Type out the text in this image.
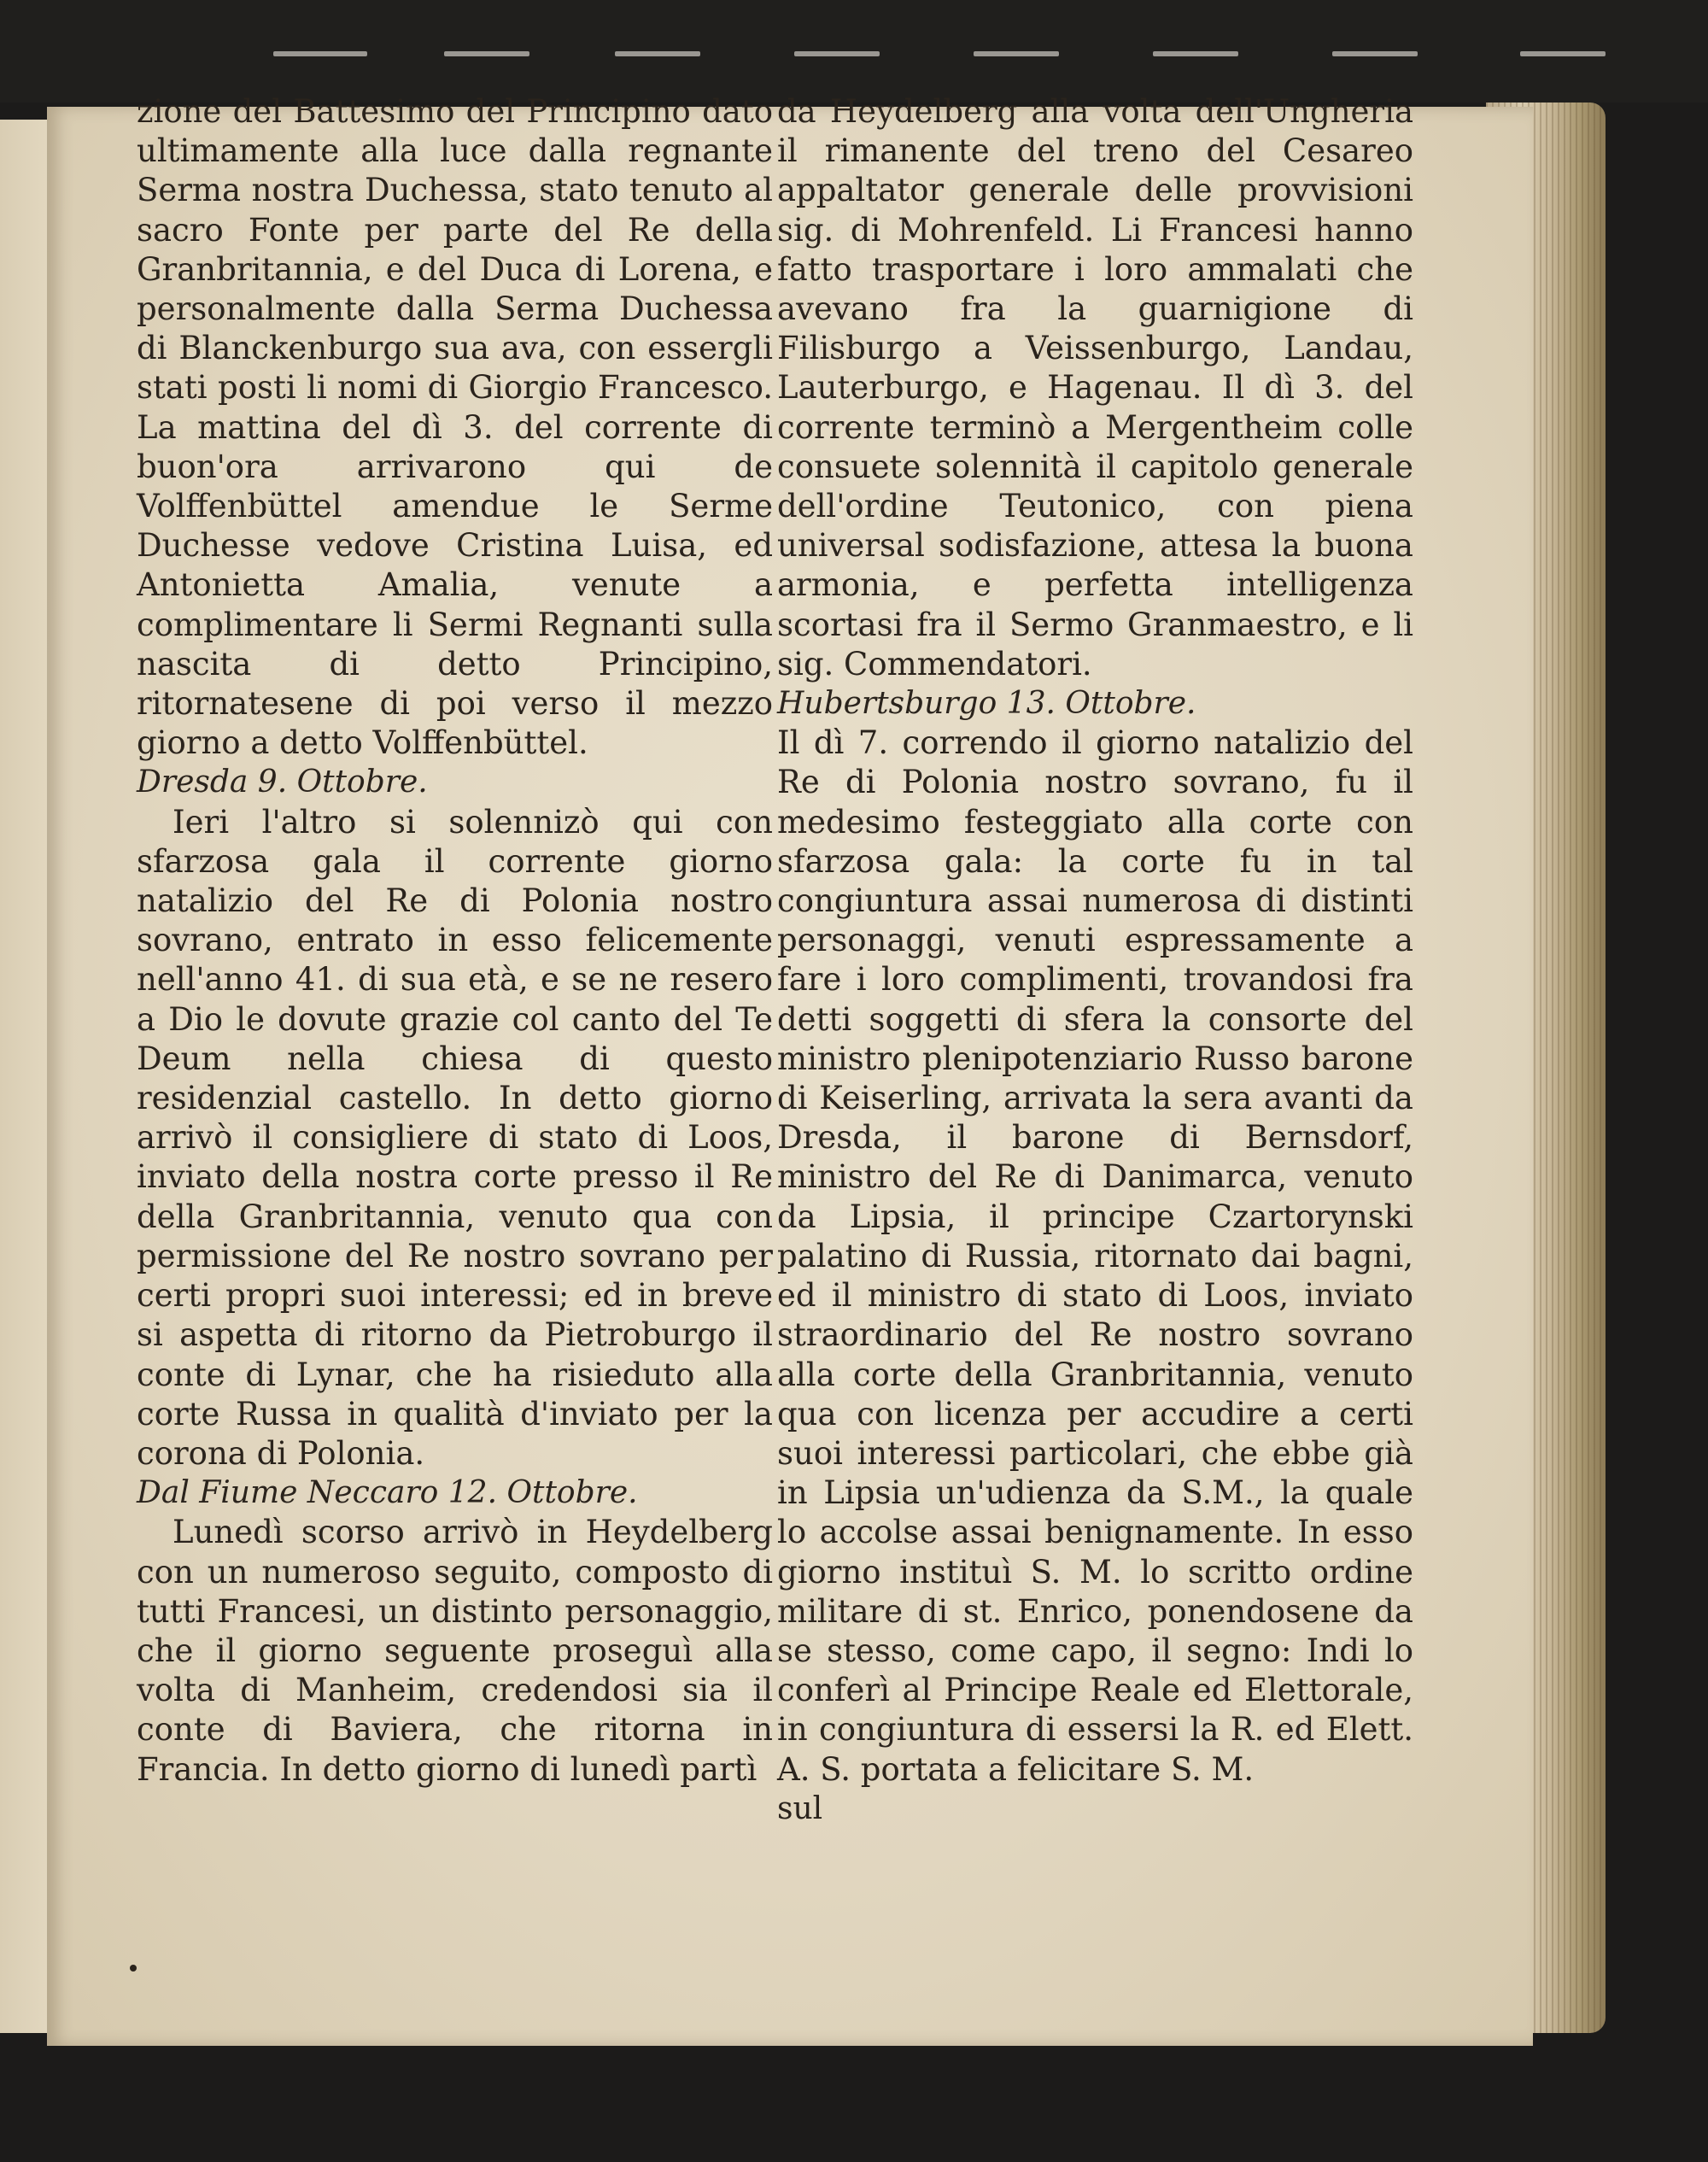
zione del Battesimo del Principino dato ultimamente alla luce dalla regnante Serma nostra Duchessa, stato tenuto al sacro Fonte per parte del Re della Granbritannia, e del Duca di Lorena, e personalmente dalla Serma Duchessa di Blanckenburgo sua ava, con essergli stati posti li nomi di Giorgio Francesco. La mattina del dì 3. del corrente di buon'ora arrivarono qui de Volffenbüttel amendue le Serme Duchesse vedove Cristina Luisa, ed Antonietta Amalia, venute a complimentare li Sermi Regnanti sulla nascita di detto Principino, ritornatesene di poi verso il mezzo giorno a detto Volffenbüttel.

Dresda 9. Ottobre.

Ieri l'altro si solennizò qui con sfarzosa gala il corrente giorno natalizio del Re di Polonia nostro sovrano, entrato in esso felicemente nell'anno 41. di sua età, e se ne resero a Dio le dovute grazie col canto del Te Deum nella chiesa di questo residenzial castello. In detto giorno arrivò il consigliere di stato di Loos, inviato della nostra corte presso il Re della Granbritannia, venuto qua con permissione del Re nostro sovrano per certi propri suoi interessi; ed in breve si aspetta di ritorno da Pietroburgo il conte di Lynar, che ha risieduto alla corte Russa in qualità d'inviato per la corona di Polonia.

Dal Fiume Neccaro 12. Ottobre.

Lunedì scorso arrivò in Heydelberg con un numeroso seguito, composto di tutti Francesi, un distinto personaggio, che il giorno seguente proseguì alla volta di Manheim, credendosi sia il conte di Baviera, che ritorna in Francia. In detto giorno di lunedì partì

da Heydelberg alla volta dell'Ungheria il rimanente del treno del Cesareo appaltator generale delle provvisioni sig. di Mohrenfeld. Li Francesi hanno fatto trasportare i loro ammalati che avevano fra la guarnigione di Filisburgo a Veissenburgo, Landau, Lauterburgo, e Hagenau. Il dì 3. del corrente terminò a Mergentheim colle consuete solennità il capitolo generale dell'ordine Teutonico, con piena universal sodisfazione, attesa la buona armonia, e perfetta intelligenza scortasi fra il Sermo Granmaestro, e li sig. Commendatori.

Hubertsburgo 13. Ottobre.

Il dì 7. correndo il giorno natalizio del Re di Polonia nostro sovrano, fu il medesimo festeggiato alla corte con sfarzosa gala: la corte fu in tal congiuntura assai numerosa di distinti personaggi, venuti espressamente a fare i loro complimenti, trovandosi fra detti soggetti di sfera la consorte del ministro plenipotenziario Russo barone di Keiserling, arrivata la sera avanti da Dresda, il barone di Bernsdorf, ministro del Re di Danimarca, venuto da Lipsia, il principe Czartorynski palatino di Russia, ritornato dai bagni, ed il ministro di stato di Loos, inviato straordinario del Re nostro sovrano alla corte della Granbritannia, venuto qua con licenza per accudire a certi suoi interessi particolari, che ebbe già in Lipsia un'udienza da S.M., la quale lo accolse assai benignamente. In esso giorno instituì S. M. lo scritto ordine militare di st. Enrico, ponendosene da se stesso, come capo, il segno: Indi lo conferì al Principe Reale ed Elettorale, in congiuntura di essersi la R. ed Elett. A. S. portata a felicitare S. M.

sul
